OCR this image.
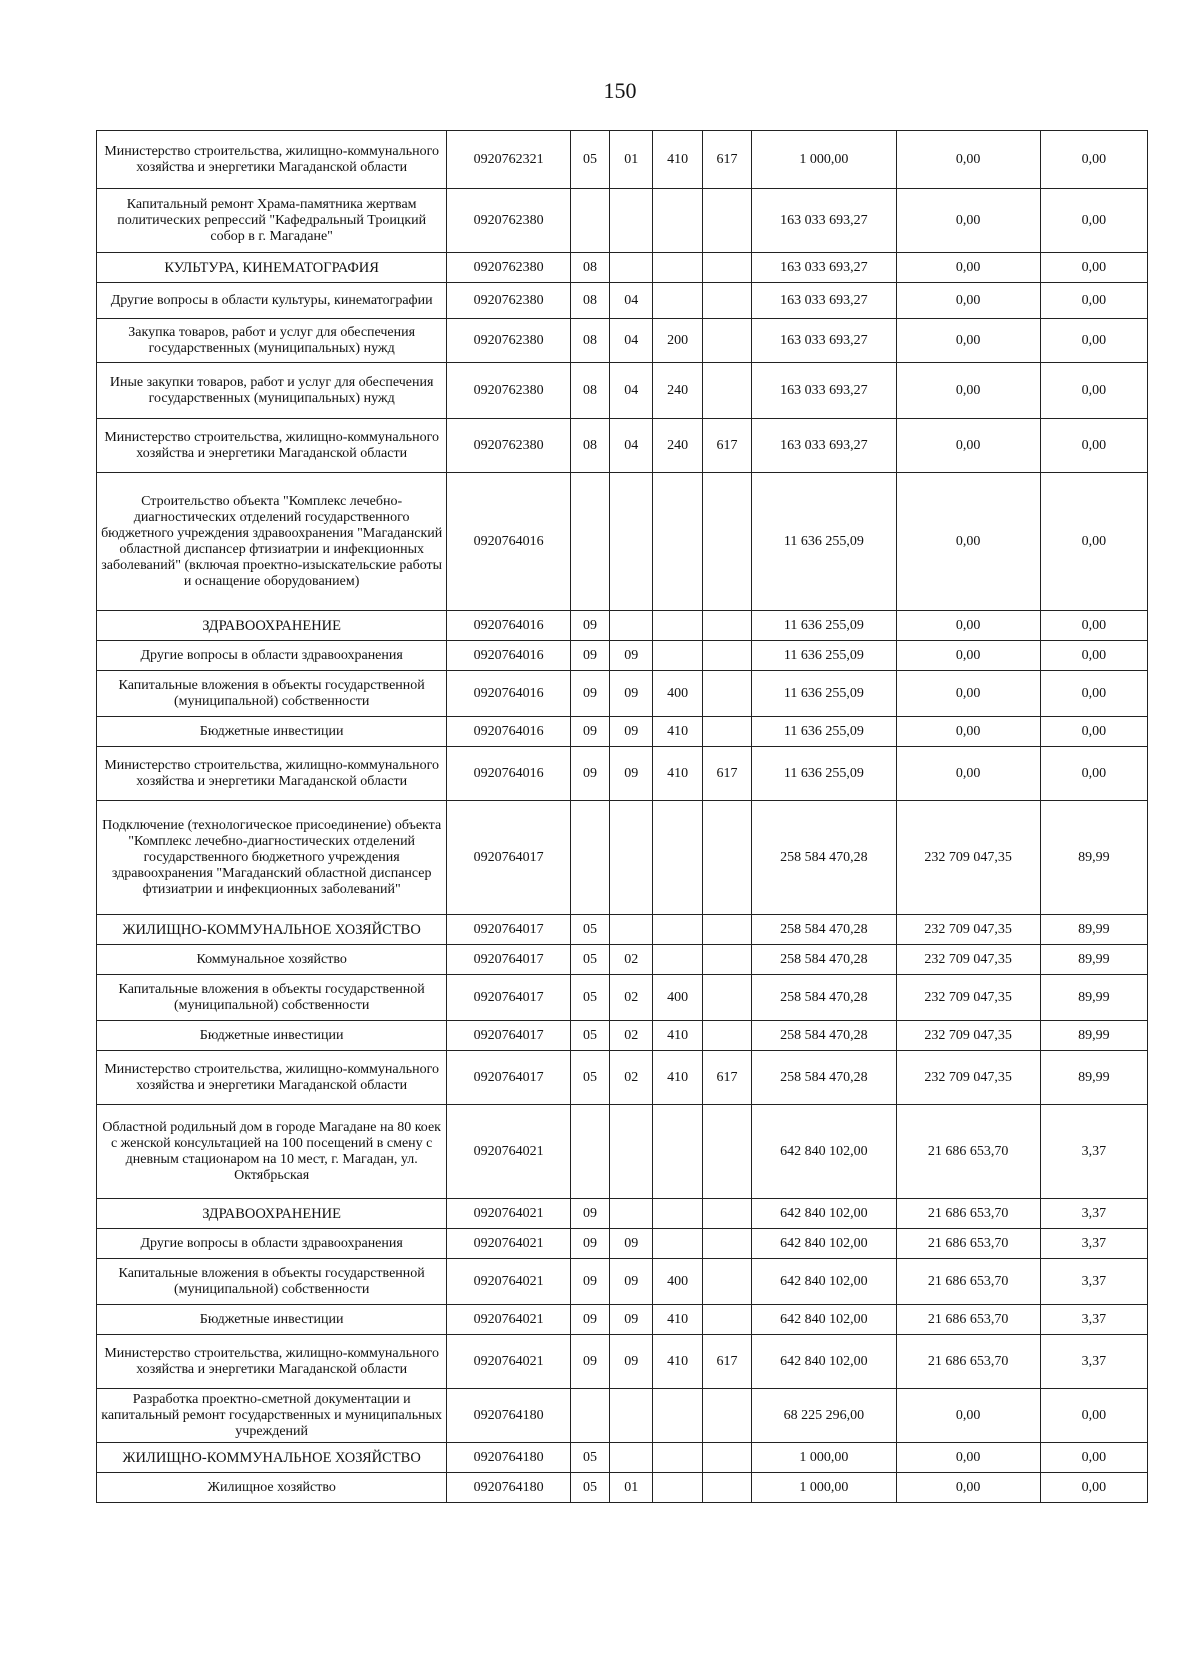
150
Министерство строительства, жилищно-коммунального хозяйства и энергетики Магаданской области	0920762321	05	01	410	617	1 000,00	0,00	0,00
Капитальный ремонт Храма-памятника жертвам политических репрессий "Кафедральный Троицкий собор в г. Магадане"	0920762380					163 033 693,27	0,00	0,00
КУЛЬТУРА, КИНЕМАТОГРАФИЯ	0920762380	08				163 033 693,27	0,00	0,00
Другие вопросы в области культуры, кинематографии	0920762380	08	04			163 033 693,27	0,00	0,00
Закупка товаров, работ и услуг для обеспечения государственных (муниципальных) нужд	0920762380	08	04	200		163 033 693,27	0,00	0,00
Иные закупки товаров, работ и услуг для обеспечения государственных (муниципальных) нужд	0920762380	08	04	240		163 033 693,27	0,00	0,00
Министерство строительства, жилищно-коммунального хозяйства и энергетики Магаданской области	0920762380	08	04	240	617	163 033 693,27	0,00	0,00
Строительство объекта "Комплекс лечебно-диагностических отделений государственного бюджетного учреждения здравоохранения "Магаданский областной диспансер фтизиатрии и инфекционных заболеваний" (включая проектно-изыскательские работы и оснащение оборудованием)	0920764016					11 636 255,09	0,00	0,00
ЗДРАВООХРАНЕНИЕ	0920764016	09				11 636 255,09	0,00	0,00
Другие вопросы в области здравоохранения	0920764016	09	09			11 636 255,09	0,00	0,00
Капитальные вложения в объекты государственной (муниципальной) собственности	0920764016	09	09	400		11 636 255,09	0,00	0,00
Бюджетные инвестиции	0920764016	09	09	410		11 636 255,09	0,00	0,00
Министерство строительства, жилищно-коммунального хозяйства и энергетики Магаданской области	0920764016	09	09	410	617	11 636 255,09	0,00	0,00
Подключение (технологическое присоединение) объекта "Комплекс лечебно-диагностических отделений государственного бюджетного учреждения здравоохранения "Магаданский областной диспансер фтизиатрии и инфекционных заболеваний"	0920764017					258 584 470,28	232 709 047,35	89,99
ЖИЛИЩНО-КОММУНАЛЬНОЕ ХОЗЯЙСТВО	0920764017	05				258 584 470,28	232 709 047,35	89,99
Коммунальное хозяйство	0920764017	05	02			258 584 470,28	232 709 047,35	89,99
Капитальные вложения в объекты государственной (муниципальной) собственности	0920764017	05	02	400		258 584 470,28	232 709 047,35	89,99
Бюджетные инвестиции	0920764017	05	02	410		258 584 470,28	232 709 047,35	89,99
Министерство строительства, жилищно-коммунального хозяйства и энергетики Магаданской области	0920764017	05	02	410	617	258 584 470,28	232 709 047,35	89,99
Областной родильный дом в городе Магадане на 80 коек с женской консультацией на 100 посещений в смену с дневным стационаром на 10 мест, г. Магадан, ул. Октябрьская	0920764021					642 840 102,00	21 686 653,70	3,37
ЗДРАВООХРАНЕНИЕ	0920764021	09				642 840 102,00	21 686 653,70	3,37
Другие вопросы в области здравоохранения	0920764021	09	09			642 840 102,00	21 686 653,70	3,37
Капитальные вложения в объекты государственной (муниципальной) собственности	0920764021	09	09	400		642 840 102,00	21 686 653,70	3,37
Бюджетные инвестиции	0920764021	09	09	410		642 840 102,00	21 686 653,70	3,37
Министерство строительства, жилищно-коммунального хозяйства и энергетики Магаданской области	0920764021	09	09	410	617	642 840 102,00	21 686 653,70	3,37
Разработка проектно-сметной документации и капитальный ремонт государственных и муниципальных учреждений	0920764180					68 225 296,00	0,00	0,00
ЖИЛИЩНО-КОММУНАЛЬНОЕ ХОЗЯЙСТВО	0920764180	05				1 000,00	0,00	0,00
Жилищное хозяйство	0920764180	05	01			1 000,00	0,00	0,00
